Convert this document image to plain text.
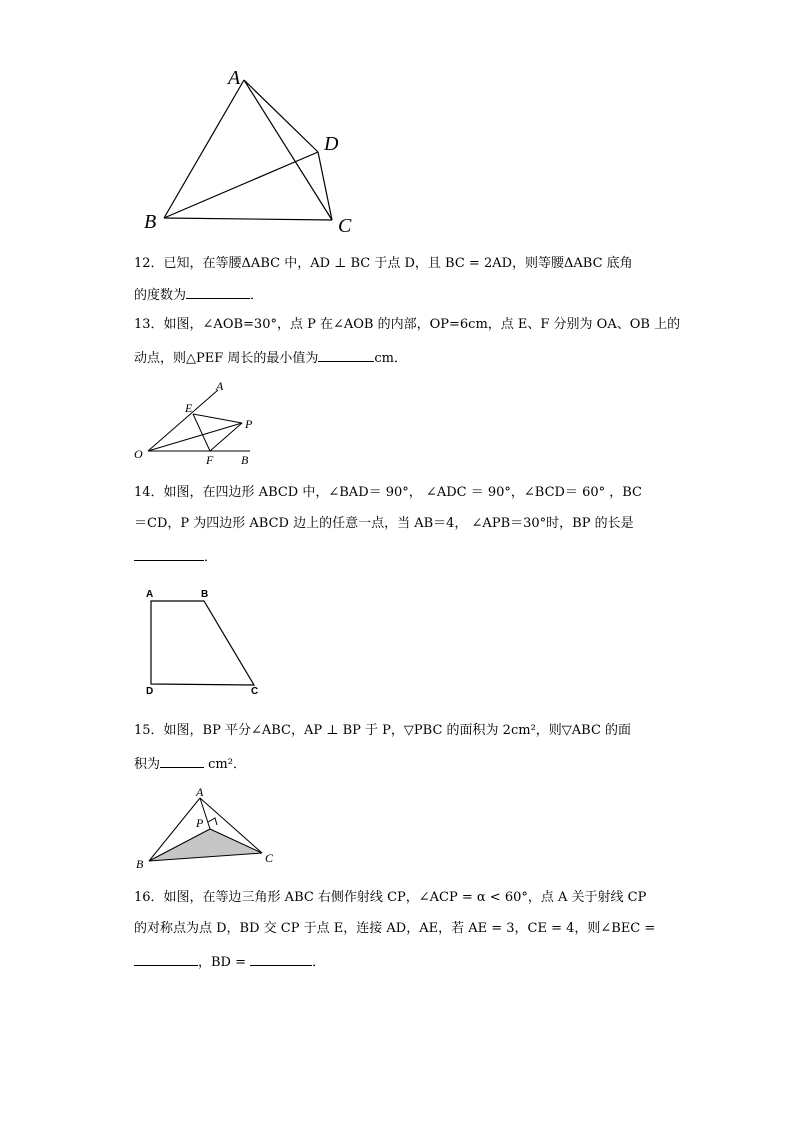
A
B	C
D
12．已知，在等腰ΔABC 中，AD ⊥ BC 于点 D，且 BC = 2AD，则等腰ΔABC 底角
的度数为	．
13．如图，∠AOB=30°，点 P 在∠AOB 的内部，OP=6cm，点 E、F 分别为 OA、OB 上的
动点，则△PEF 周长的最小值为	cm．
A
E
P
O	F B
14．如图，在四边形 ABCD 中，∠BAD＝ 90°， ∠ADC ＝ 90°，∠BCD＝ 60° ，BC
＝CD，P 为四边形 ABCD 边上的任意一点，当 AB＝4， ∠APB＝30°时，BP 的长是
．
A	B
D	C
15．如图，BP 平分∠ABC，AP ⊥ BP 于 P，▽PBC 的面积为 2cm²，则▽ABC 的面
积为	cm²．
A
P
B	C
16．如图，在等边三角形 ABC 右侧作射线 CP，∠ACP = α < 60°，点 A 关于射线 CP
的对称点为点 D，BD 交 CP 于点 E，连接 AD，AE，若 AE = 3，CE = 4，则∠BEC =
，BD =	．
